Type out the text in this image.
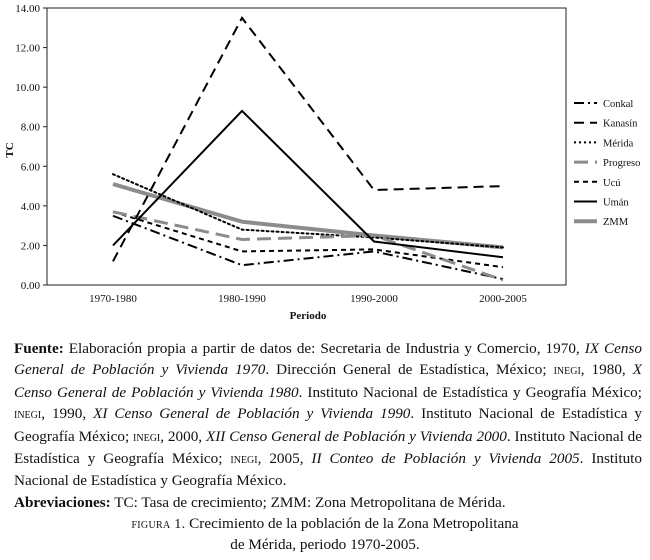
0.00
2.00
4.00
6.00
8.00
10.00
12.00
14.00
1970-1980	1980-1990	1990-2000	2000-2005
Conkal
Kanasín
Mérida
Progreso
Ucú
Umán
ZMM
TC
Periodo
Fuente: Elaboración propia a partir de datos de: Secretaria de Industria y Comercio, 1970, IX Censo General de Población y Vivienda 1970. Dirección General de Estadística, México; inegi, 1980, X Censo General de Población y Vivienda 1980. Instituto Nacional de Estadística y Geografía México; inegi, 1990, XI Censo General de Población y Vivienda 1990. Instituto Nacional de Estadística y Geografía México; inegi, 2000, XII Censo General de Población y Vivienda 2000. Instituto Nacional de Estadística y Geografía México; inegi, 2005, II Conteo de Población y Vivienda 2005. Instituto Nacional de Estadística y Geografía México.
Abreviaciones: TC: Tasa de crecimiento; ZMM: Zona Metropolitana de Mérida.
figura 1. Crecimiento de la población de la Zona Metropolitana
de Mérida, periodo 1970-2005.
